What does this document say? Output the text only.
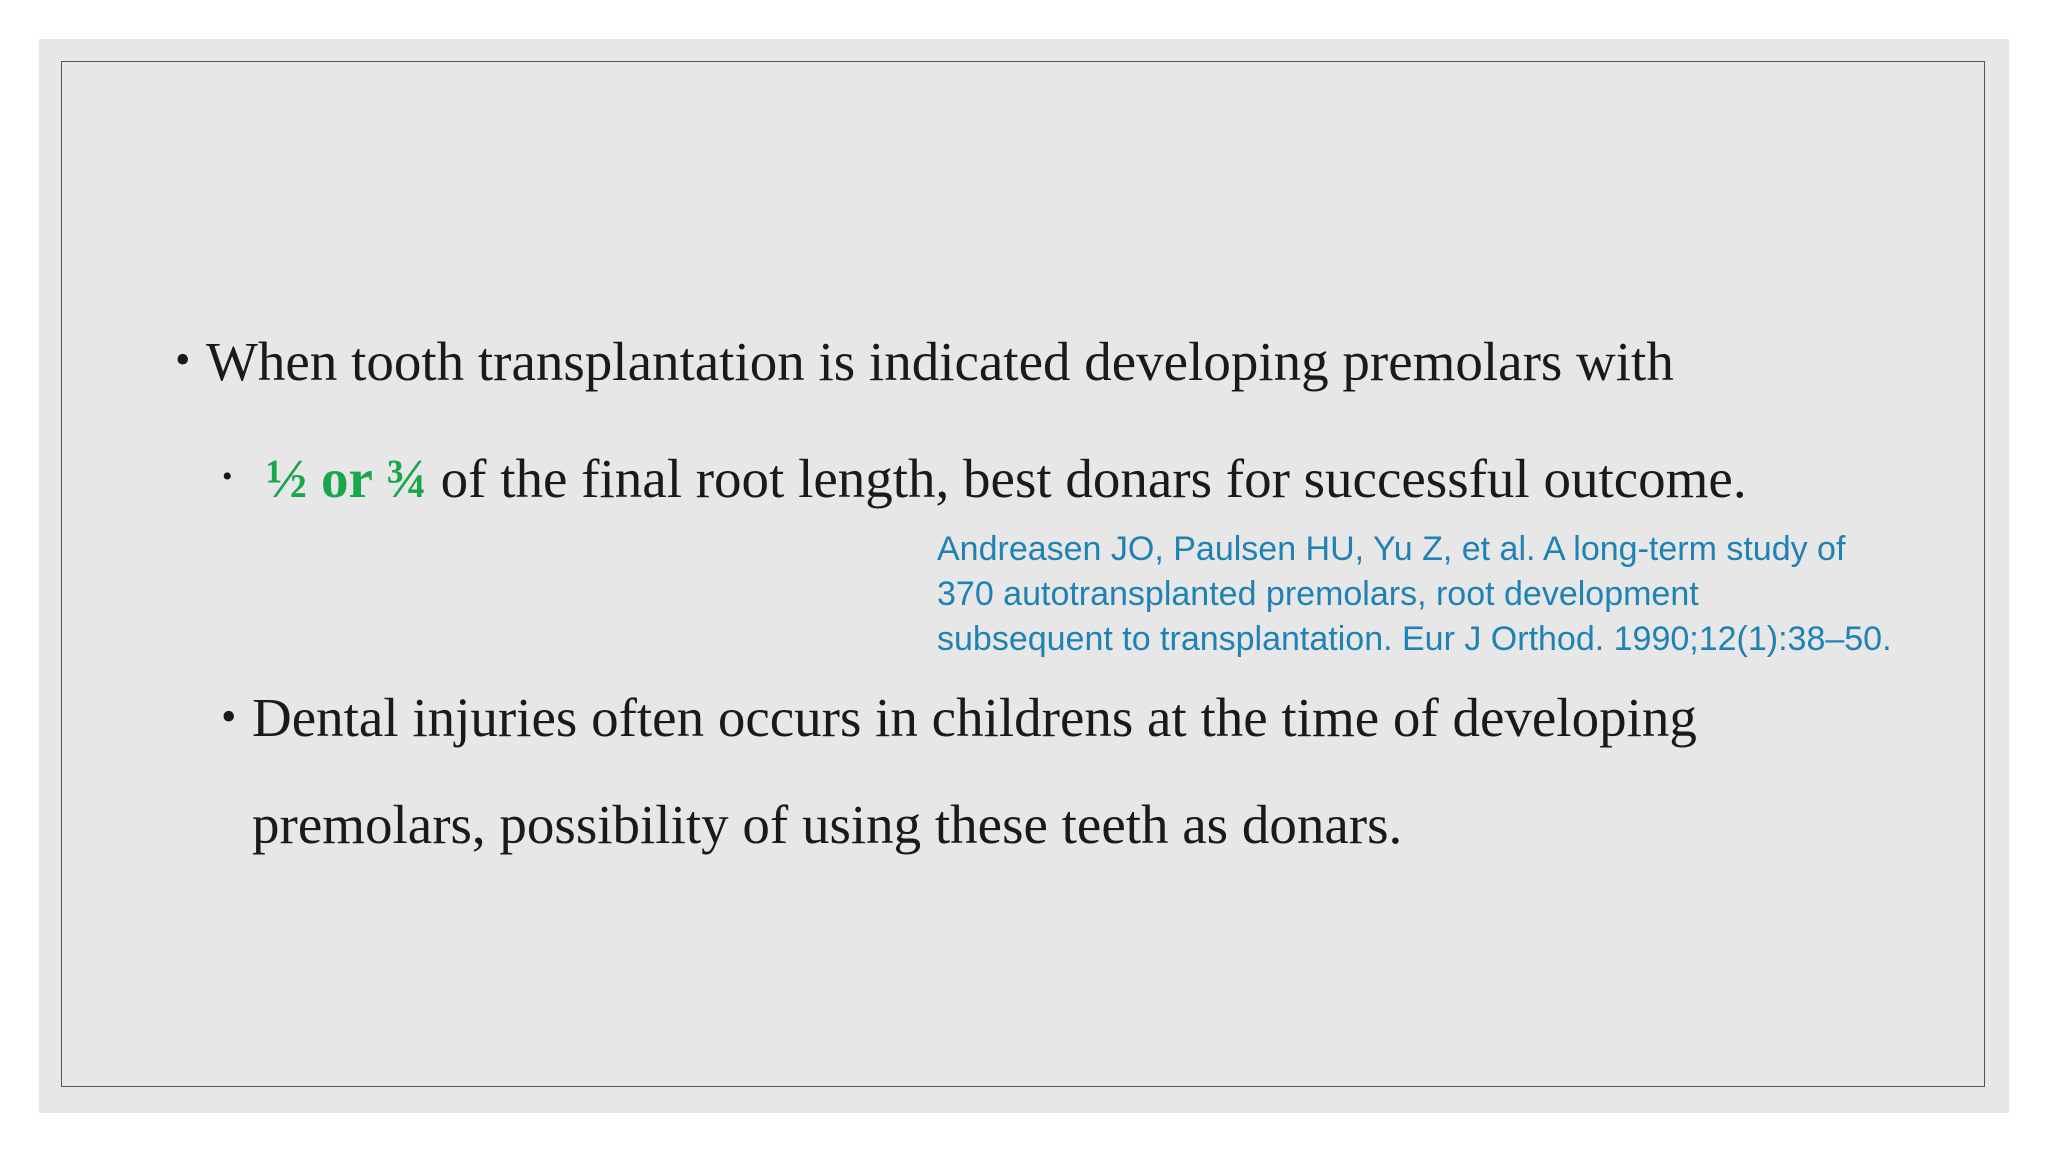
• When tooth transplantation is indicated developing premolars with
• ½ or ¾ of the final root length, best donars for successful outcome.
Andreasen JO, Paulsen HU, Yu Z, et al. A long-term study of
370 autotransplanted premolars, root development
subsequent to transplantation. Eur J Orthod. 1990;12(1):38–50.
• Dental injuries often occurs in childrens at the time of developing
premolars, possibility of using these teeth as donars.
